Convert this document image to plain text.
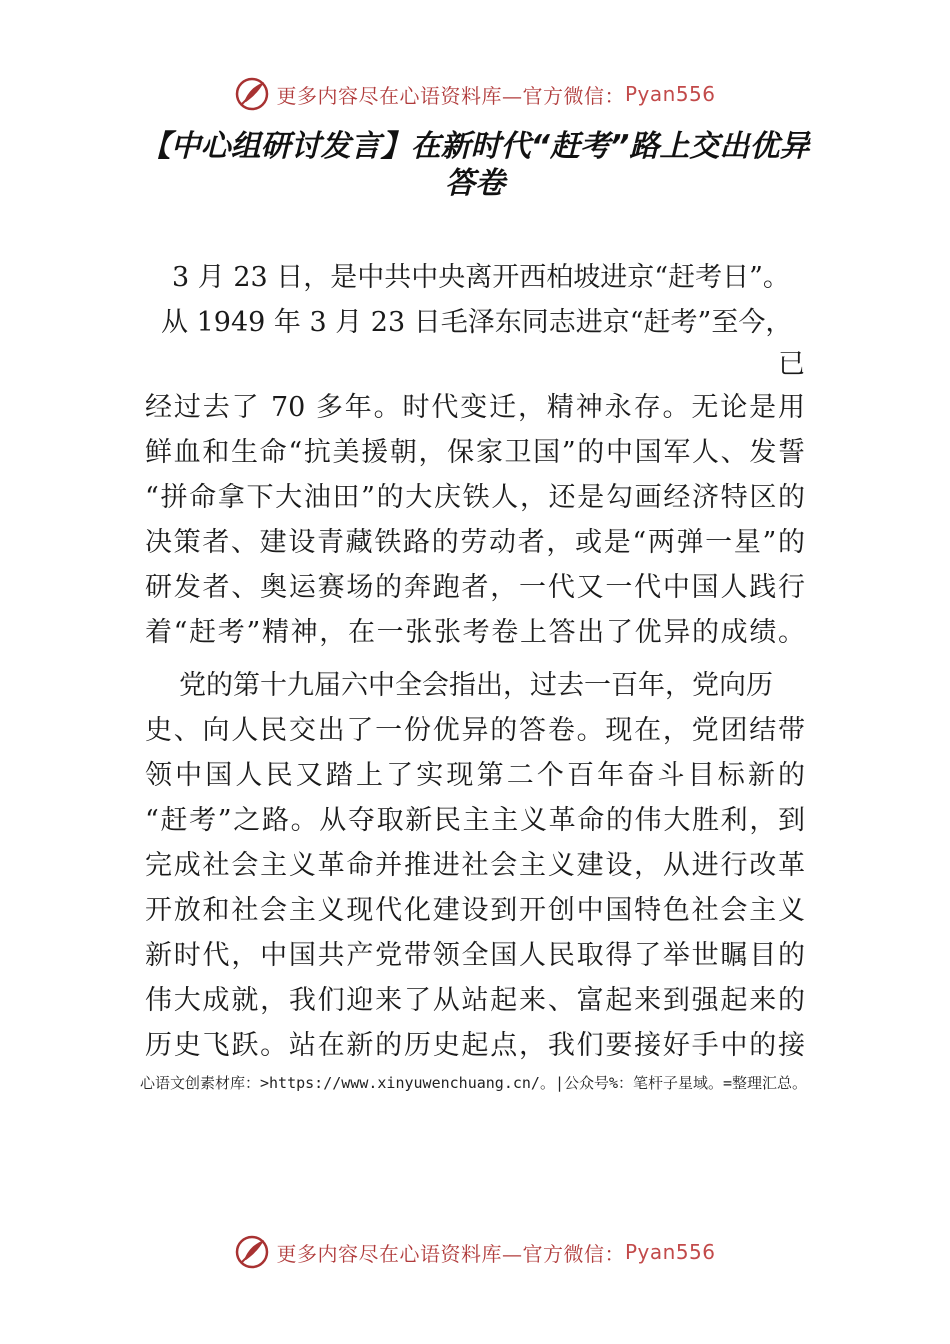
更多内容尽在心语资料库—官方微信： Pyan556
【中心组研讨发言】在新时代“赶考”路上交出优异答卷
3 月 23 日，是中共中央离开西柏坡进京“赶考日”。
从 1949 年 3 月 23 日毛泽东同志进京“赶考”至今，
已
经过去了 70 多年。时代变迁，精神永存。无论是用
鲜血和生命“抗美援朝，保家卫国”的中国军人、发誓
“拼命拿下大油田”的大庆铁人，还是勾画经济特区的
决策者、建设青藏铁路的劳动者，或是“两弹一星”的
研发者、奥运赛场的奔跑者，一代又一代中国人践行
着“赶考”精神，在一张张考卷上答出了优异的成绩。
党的第十九届六中全会指出，过去一百年，党向历
史、向人民交出了一份优异的答卷。现在，党团结带
领中国人民又踏上了实现第二个百年奋斗目标新的
“赶考”之路。从夺取新民主主义革命的伟大胜利，到
完成社会主义革命并推进社会主义建设，从进行改革
开放和社会主义现代化建设到开创中国特色社会主义
新时代，中国共产党带领全国人民取得了举世瞩目的
伟大成就，我们迎来了从站起来、富起来到强起来的
历史飞跃。站在新的历史起点，我们要接好手中的接

心语文创素材库：>https://www.xinyuwenchuang.cn/。|公众号%：笔杆子星域。=整理汇总。

更多内容尽在心语资料库—官方微信： Pyan556
